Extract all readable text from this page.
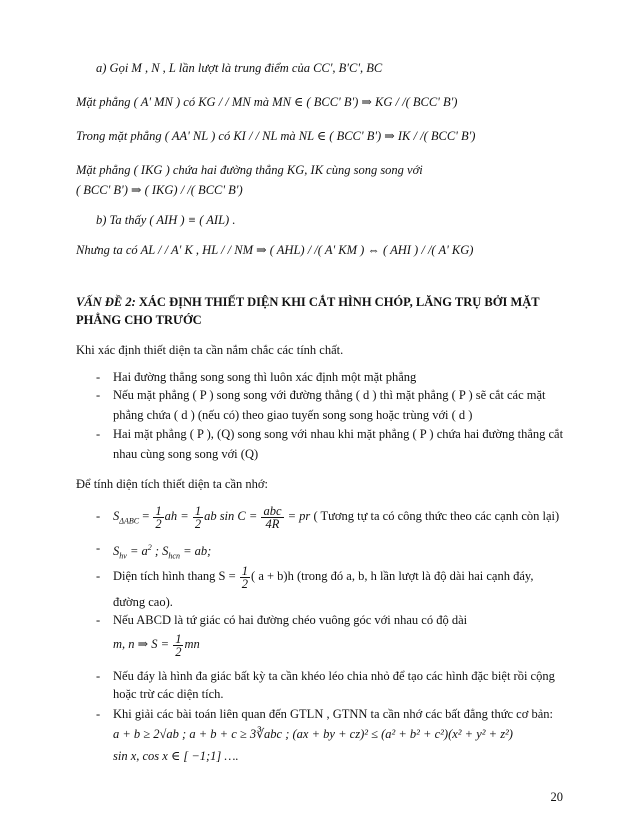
a) Gọi M , N , L lần lượt là trung điểm của CC', B'C', BC
Mặt phẳng ( A' MN ) có KG / / MN mà MN ∈ ( BCC' B') ⇒ KG / /( BCC' B')
Trong mặt phẳng ( AA' NL ) có KI / / NL mà NL ∈ ( BCC' B') ⇒ IK / /( BCC' B')
Mặt phẳng ( IKG ) chứa hai đường thẳng KG, IK cùng song song với
( BCC' B') ⇒ ( IKG) / /( BCC' B')
b) Ta thấy ( AIH ) ≡ ( AIL) .
Nhưng ta có AL / / A' K , HL / / NM ⇒ ( AHL) / /( A' KM ) ⇔ ( AHI ) / /( A' KG)
VẤN ĐỀ 2: XÁC ĐỊNH THIẾT DIỆN KHI CẮT HÌNH CHÓP, LĂNG TRỤ BỞI MẶT
PHẲNG CHO TRƯỚC
Khi xác định thiết diện ta cần nắm chắc các tính chất.
- Hai đường thẳng song song thì luôn xác định một mặt phẳng
- Nếu mặt phẳng ( P ) song song với đường thẳng ( d ) thì mặt phẳng ( P ) sẽ cắt các mặt
phẳng chứa ( d ) (nếu có) theo giao tuyến song song hoặc trùng với ( d )
- Hai mặt phẳng ( P ), (Q) song song với nhau khi mặt phẳng ( P ) chứa hai đường thẳng cắt
nhau cùng song song với (Q)
Để tính diện tích thiết diện ta cần nhớ:
- $S_{\Delta ABC} = \frac{1}{2}$ ah = $\frac{1}{2}$ ab $\sin C = \frac{\text{abc}}{4R}$ = pr ( Tương tự ta có công thức theo các cạnh còn lại)
- $S_{hv} = a^2$ ; $S_{hcn}$ = ab;
- Diện tích hình thang $S = \frac{1}{2}$ ( a + b)h (trong đó a, b, h lần lượt là độ dài hai cạnh đáy,
đường cao).
- Nếu ABCD là tứ giác có hai đường chéo vuông góc với nhau có độ dài
m, n ⇒ $S = \frac{1}{2}$ mn
- Nếu đáy là hình đa giác bất kỳ ta cần khéo léo chia nhỏ để tạo các hình đặc biệt rồi cộng
hoặc trừ các diện tích.
- Khi giải các bài toán liên quan đến GTLN , GTNN ta cần nhớ các bất đẳng thức cơ bản:
a + b ≥ 2√ab ; a + b + c ≥ 3∛abc ; (ax + by + cz)² ≤ (a² + b² + c²)(x² + y² + z²)
sin x, cos x ∈ [ −1;1] ….
20
